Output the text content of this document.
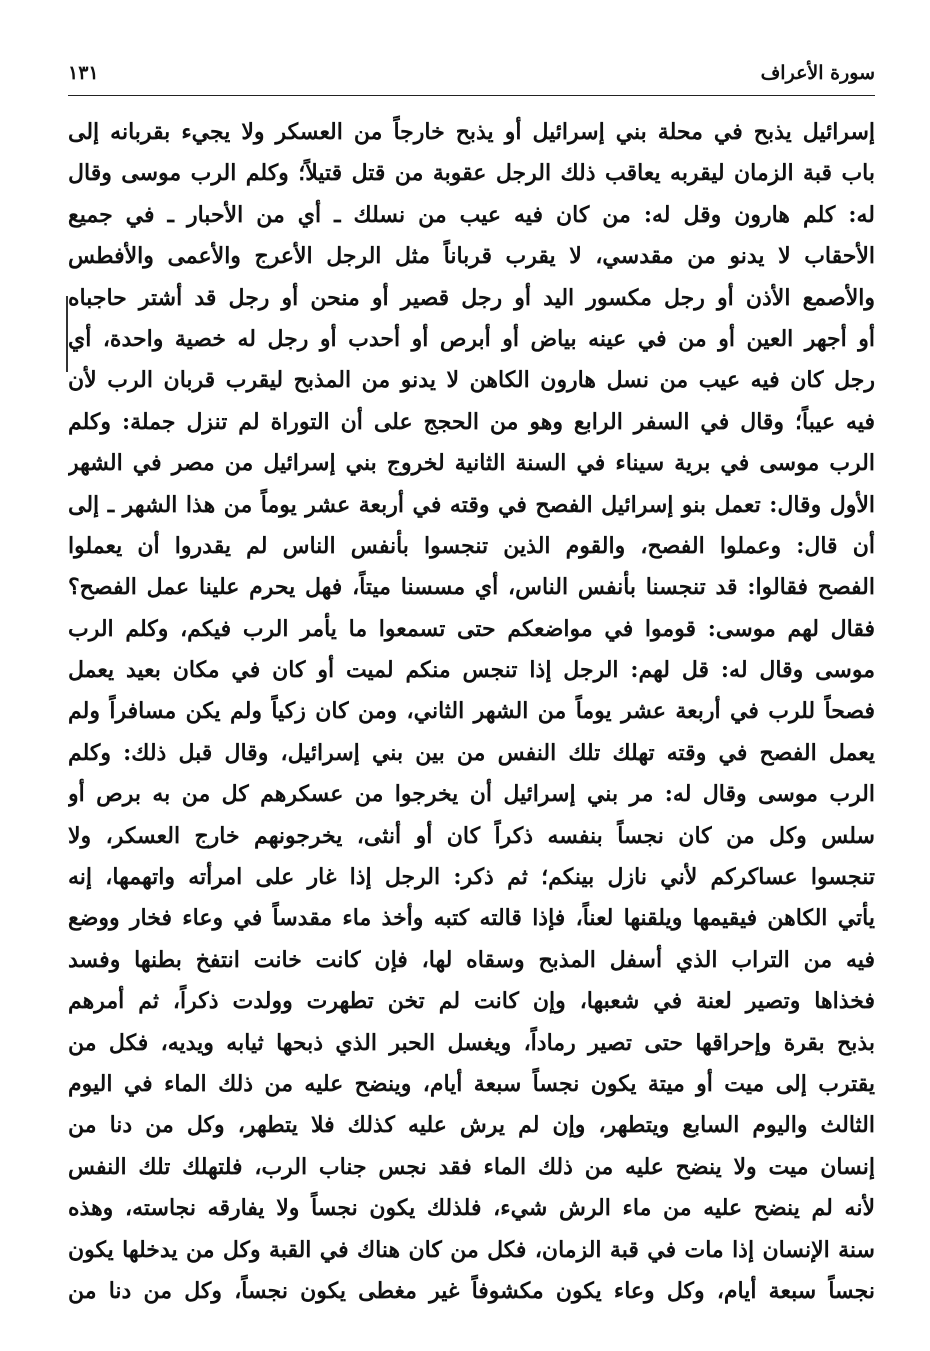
سورة الأعراف
١٣١
إسرائيل يذبح في محلة بني إسرائيل أو يذبح خارجاً من العسكر ولا يجيء بقربانه إلى
باب قبة الزمان ليقربه يعاقب ذلك الرجل عقوبة من قتل قتيلاً؛ وكلم الرب موسى وقال
له: كلم هارون وقل له: من كان فيه عيب من نسلك ـ أي من الأحبار ـ في جميع
الأحقاب لا يدنو من مقدسي، لا يقرب قرباناً مثل الرجل الأعرج والأعمى والأفطس
والأصمع الأذن أو رجل مكسور اليد أو رجل قصير أو منحن أو رجل قد أشتر حاجباه
أو أجهر العين أو من في عينه بياض أو أبرص أو أحدب أو رجل له خصية واحدة، أي
رجل كان فيه عيب من نسل هارون الكاهن لا يدنو من المذبح ليقرب قربان الرب لأن
فيه عيباً؛ وقال في السفر الرابع وهو من الحجج على أن التوراة لم تنزل جملة: وكلم
الرب موسى في برية سيناء في السنة الثانية لخروج بني إسرائيل من مصر في الشهر
الأول وقال: تعمل بنو إسرائيل الفصح في وقته في أربعة عشر يوماً من هذا الشهر ـ إلى
أن قال: وعملوا الفصح، والقوم الذين تنجسوا بأنفس الناس لم يقدروا أن يعملوا
الفصح فقالوا: قد تنجسنا بأنفس الناس، أي مسسنا ميتاً، فهل يحرم علينا عمل الفصح؟
فقال لهم موسى: قوموا في مواضعكم حتى تسمعوا ما يأمر الرب فيكم، وكلم الرب
موسى وقال له: قل لهم: الرجل إذا تنجس منكم لميت أو كان في مكان بعيد يعمل
فصحاً للرب في أربعة عشر يوماً من الشهر الثاني، ومن كان زكياً ولم يكن مسافراً ولم
يعمل الفصح في وقته تهلك تلك النفس من بين بني إسرائيل، وقال قبل ذلك: وكلم
الرب موسى وقال له: مر بني إسرائيل أن يخرجوا من عسكرهم كل من به برص أو
سلس وكل من كان نجساً بنفسه ذكراً كان أو أنثى، يخرجونهم خارج العسكر، ولا
تنجسوا عساكركم لأني نازل بينكم؛ ثم ذكر: الرجل إذا غار على امرأته واتهمها، إنه
يأتي الكاهن فيقيمها ويلقنها لعناً، فإذا قالته كتبه وأخذ ماء مقدساً في وعاء فخار ووضع
فيه من التراب الذي أسفل المذبح وسقاه لها، فإن كانت خانت انتفخ بطنها وفسد
فخذاها وتصير لعنة في شعبها، وإن كانت لم تخن تطهرت وولدت ذكراً، ثم أمرهم
بذبح بقرة وإحراقها حتى تصير رماداً، ويغسل الحبر الذي ذبحها ثيابه ويديه، فكل من
يقترب إلى ميت أو ميتة يكون نجساً سبعة أيام، وينضح عليه من ذلك الماء في اليوم
الثالث واليوم السابع ويتطهر، وإن لم يرش عليه كذلك فلا يتطهر، وكل من دنا من
إنسان ميت ولا ينضح عليه من ذلك الماء فقد نجس جناب الرب، فلتهلك تلك النفس
لأنه لم ينضح عليه من ماء الرش شيء، فلذلك يكون نجساً ولا يفارقه نجاسته، وهذه
سنة الإنسان إذا مات في قبة الزمان، فكل من كان هناك في القبة وكل من يدخلها يكون
نجساً سبعة أيام، وكل وعاء يكون مكشوفاً غير مغطى يكون نجساً، وكل من دنا من
